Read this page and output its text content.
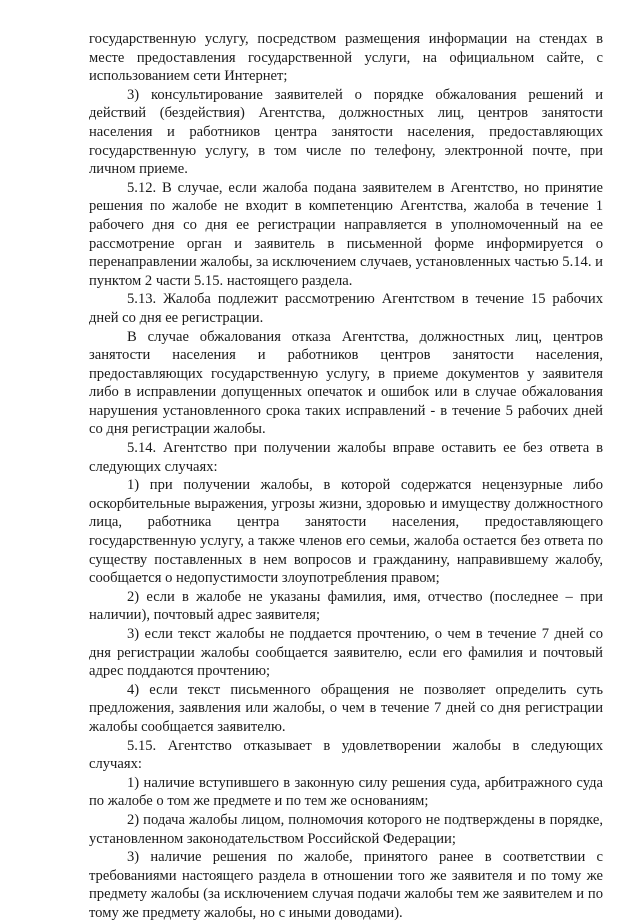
государственную услугу, посредством размещения информации на стендах в месте предоставления государственной услуги, на официальном сайте, с использованием сети Интернет;

3) консультирование заявителей о порядке обжалования решений и действий (бездействия) Агентства, должностных лиц, центров занятости населения и работников центра занятости населения, предоставляющих государственную услугу, в том числе по телефону, электронной почте, при личном приеме.

5.12. В случае, если жалоба подана заявителем в Агентство, но принятие решения по жалобе не входит в компетенцию Агентства, жалоба в течение 1 рабочего дня со дня ее регистрации направляется в уполномоченный на ее рассмотрение орган и заявитель в письменной форме информируется о перенаправлении жалобы, за исключением случаев, установленных частью 5.14. и пунктом 2 части 5.15. настоящего раздела.

5.13. Жалоба подлежит рассмотрению Агентством в течение 15 рабочих дней со дня ее регистрации.

В случае обжалования отказа Агентства, должностных лиц, центров занятости населения и работников центров занятости населения, предоставляющих государственную услугу, в приеме документов у заявителя либо в исправлении допущенных опечаток и ошибок или в случае обжалования нарушения установленного срока таких исправлений - в течение 5 рабочих дней со дня регистрации жалобы.

5.14. Агентство при получении жалобы вправе оставить ее без ответа в следующих случаях:

1) при получении жалобы, в которой содержатся нецензурные либо оскорбительные выражения, угрозы жизни, здоровью и имуществу должностного лица, работника центра занятости населения, предоставляющего государственную услугу, а также членов его семьи, жалоба остается без ответа по существу поставленных в нем вопросов и гражданину, направившему жалобу, сообщается о недопустимости злоупотребления правом;

2) если в жалобе не указаны фамилия, имя, отчество (последнее – при наличии), почтовый адрес заявителя;

3) если текст жалобы не поддается прочтению, о чем в течение 7 дней со дня регистрации жалобы сообщается заявителю, если его фамилия и почтовый адрес поддаются прочтению;

4) если текст письменного обращения не позволяет определить суть предложения, заявления или жалобы, о чем в течение 7 дней со дня регистрации жалобы сообщается заявителю.

5.15. Агентство отказывает в удовлетворении жалобы в следующих случаях:

1) наличие вступившего в законную силу решения суда, арбитражного суда по жалобе о том же предмете и по тем же основаниям;

2) подача жалобы лицом, полномочия которого не подтверждены в порядке, установленном законодательством Российской Федерации;

3) наличие решения по жалобе, принятого ранее в соответствии с требованиями настоящего раздела в отношении того же заявителя и по тому же предмету жалобы (за исключением случая подачи жалобы тем же заявителем и по тому же предмету жалобы, но с иными доводами).
